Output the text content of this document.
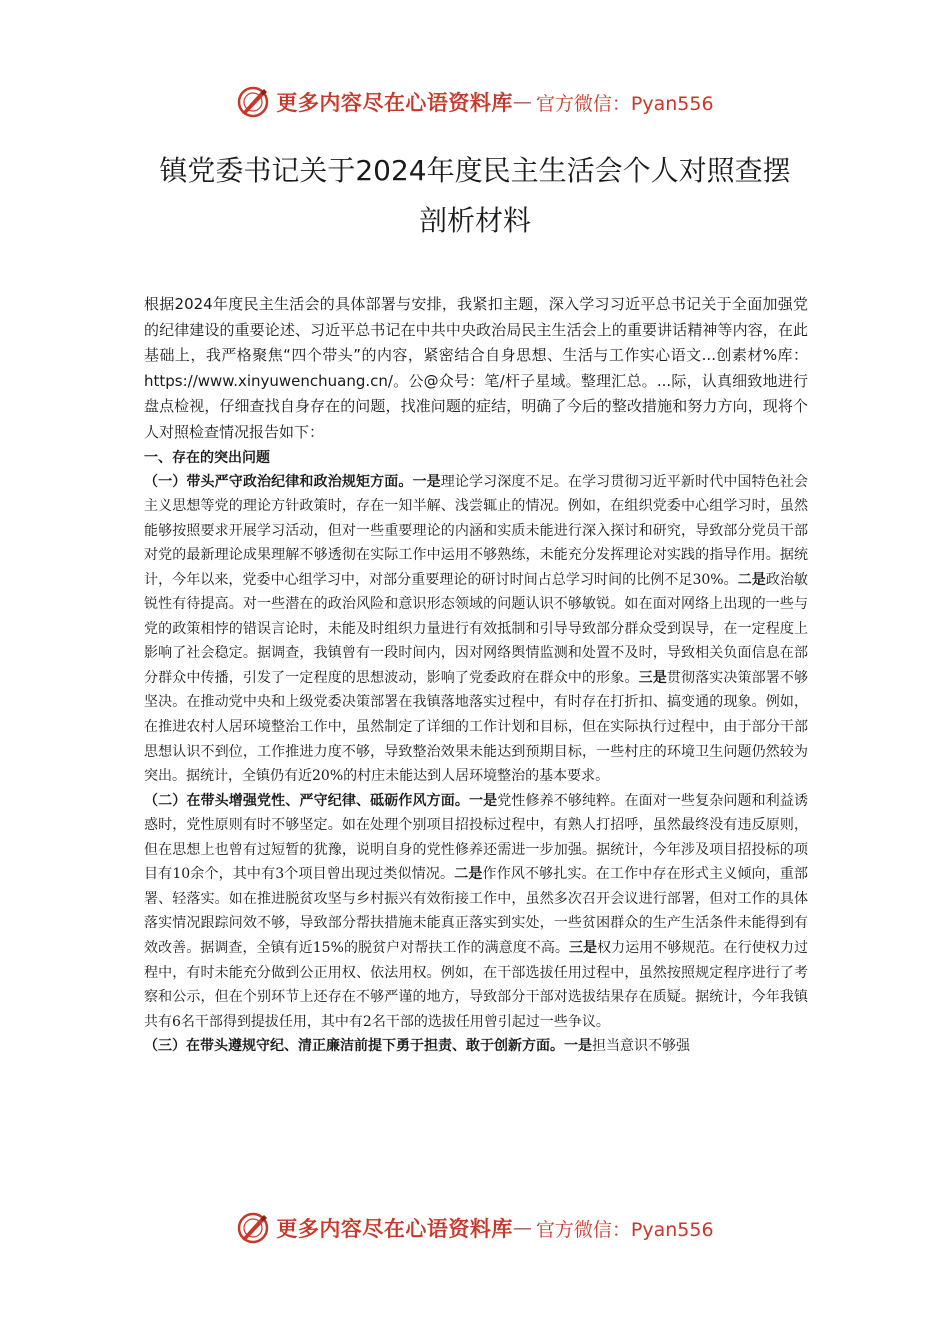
更多内容尽在心语资料库 — 官方微信：Pyan556
镇党委书记关于2024年度民主生活会个人对照查摆
剖析材料

根据2024年度民主生活会的具体部署与安排，我紧扣主题，深入学习习近平总书记关于全面加强党的纪律建设的重要论述、习近平总书记在中共中央政治局民主生活会上的重要讲话精神等内容，在此基础上，我严格聚焦“四个带头”的内容，紧密结合自身思想、生活与工作实心语文...创素材%库：https://www.xinyuwenchuang.cn/。公@众号：笔/杆子星域。整理汇总。...际，认真细致地进行盘点检视，仔细查找自身存在的问题，找准问题的症结，明确了今后的整改措施和努力方向，现将个人对照检查情况报告如下：

一、存在的突出问题

（一）带头严守政治纪律和政治规矩方面。一是理论学习深度不足。在学习贯彻习近平新时代中国特色社会主义思想等党的理论方针政策时，存在一知半解、浅尝辄止的情况。例如，在组织党委中心组学习时，虽然能够按照要求开展学习活动，但对一些重要理论的内涵和实质未能进行深入探讨和研究，导致部分党员干部对党的最新理论成果理解不够透彻在实际工作中运用不够熟练，未能充分发挥理论对实践的指导作用。据统计，今年以来，党委中心组学习中，对部分重要理论的研讨时间占总学习时间的比例不足30%。二是政治敏锐性有待提高。对一些潜在的政治风险和意识形态领域的问题认识不够敏锐。如在面对网络上出现的一些与党的政策相悖的错误言论时，未能及时组织力量进行有效抵制和引导导致部分群众受到误导，在一定程度上影响了社会稳定。据调查，我镇曾有一段时间内，因对网络舆情监测和处置不及时，导致相关负面信息在部分群众中传播，引发了一定程度的思想波动，影响了党委政府在群众中的形象。三是贯彻落实决策部署不够坚决。在推动党中央和上级党委决策部署在我镇落地落实过程中，有时存在打折扣、搞变通的现象。例如，在推进农村人居环境整治工作中，虽然制定了详细的工作计划和目标，但在实际执行过程中，由于部分干部思想认识不到位，工作推进力度不够，导致整治效果未能达到预期目标，一些村庄的环境卫生问题仍然较为突出。据统计，全镇仍有近20%的村庄未能达到人居环境整治的基本要求。

（二）在带头增强党性、严守纪律、砥砺作风方面。一是党性修养不够纯粹。在面对一些复杂问题和利益诱惑时，党性原则有时不够坚定。如在处理个别项目招投标过程中，有熟人打招呼，虽然最终没有违反原则，但在思想上也曾有过短暂的犹豫，说明自身的党性修养还需进一步加强。据统计，今年涉及项目招投标的项目有10余个，其中有3个项目曾出现过类似情况。二是作作风不够扎实。在工作中存在形式主义倾向，重部署、轻落实。如在推进脱贫攻坚与乡村振兴有效衔接工作中，虽然多次召开会议进行部署，但对工作的具体落实情况跟踪问效不够，导致部分帮扶措施未能真正落实到实处，一些贫困群众的生产生活条件未能得到有效改善。据调查，全镇有近15%的脱贫户对帮扶工作的满意度不高。三是权力运用不够规范。在行使权力过程中，有时未能充分做到公正用权、依法用权。例如，在干部选拔任用过程中，虽然按照规定程序进行了考察和公示，但在个别环节上还存在不够严谨的地方，导致部分干部对选拔结果存在质疑。据统计，今年我镇共有6名干部得到提拔任用，其中有2名干部的选拔任用曾引起过一些争议。

（三）在带头遵规守纪、清正廉洁前提下勇于担责、敢于创新方面。一是担当意识不够强

更多内容尽在心语资料库 — 官方微信：Pyan556
